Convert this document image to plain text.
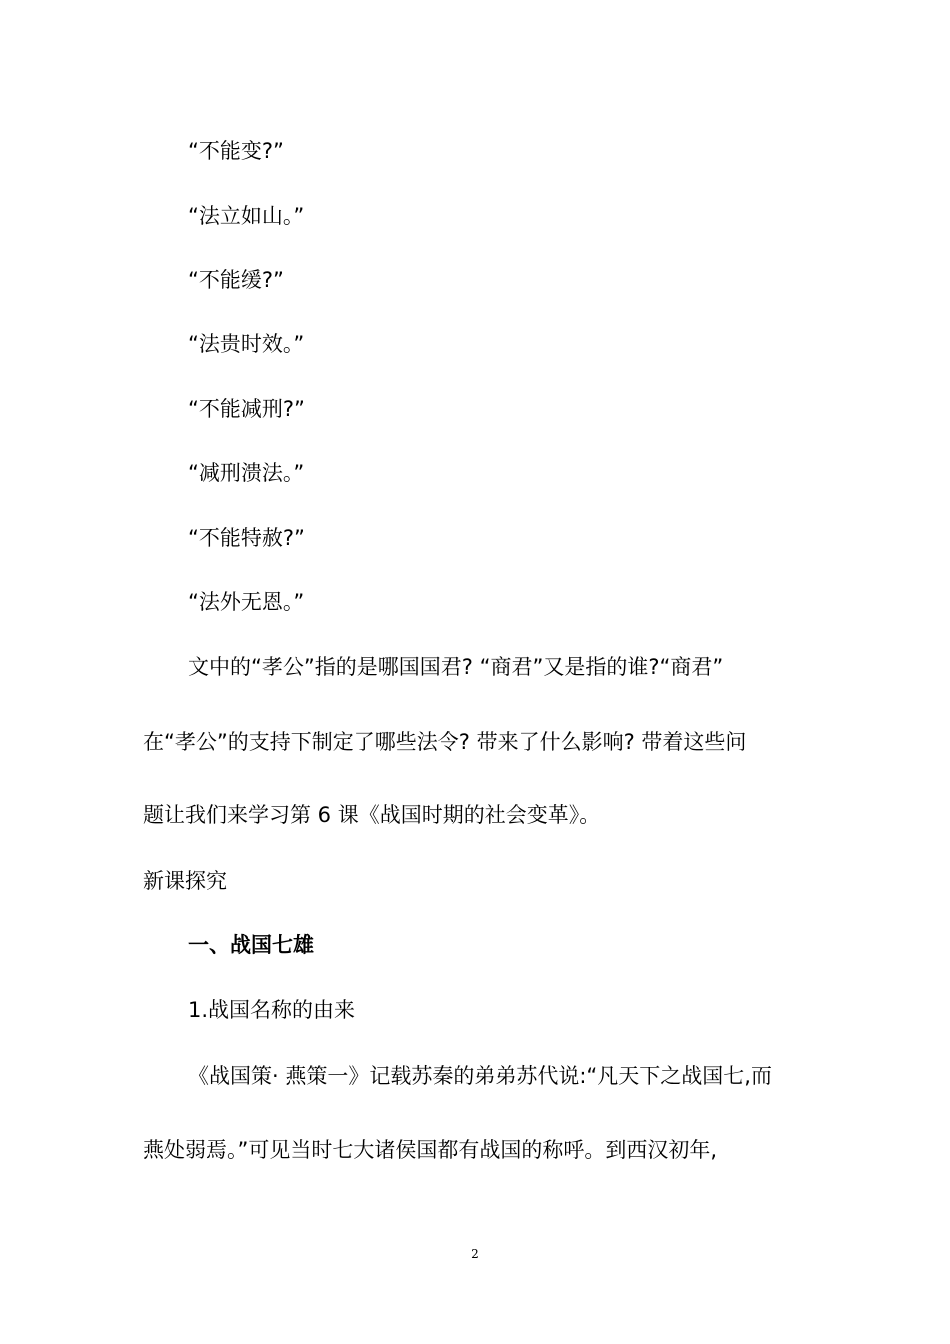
“不能变?”

“法立如山。”

“不能缓?”

“法贵时效。”

“不能减刑?”

“减刑溃法。”

“不能特赦?”

“法外无恩。”

文中的“孝公”指的是哪国国君? “商君”又是指的谁?“商君”

在“孝公”的支持下制定了哪些法令? 带来了什么影响? 带着这些问

题让我们来学习第 6 课《战国时期的社会变革》。

新课探究

一、战国七雄

1.战国名称的由来

《战国策· 燕策一》记载苏秦的弟弟苏代说:“凡天下之战国七,而

燕处弱焉。”可见当时七大诸侯国都有战国的称呼。到西汉初年,

2
